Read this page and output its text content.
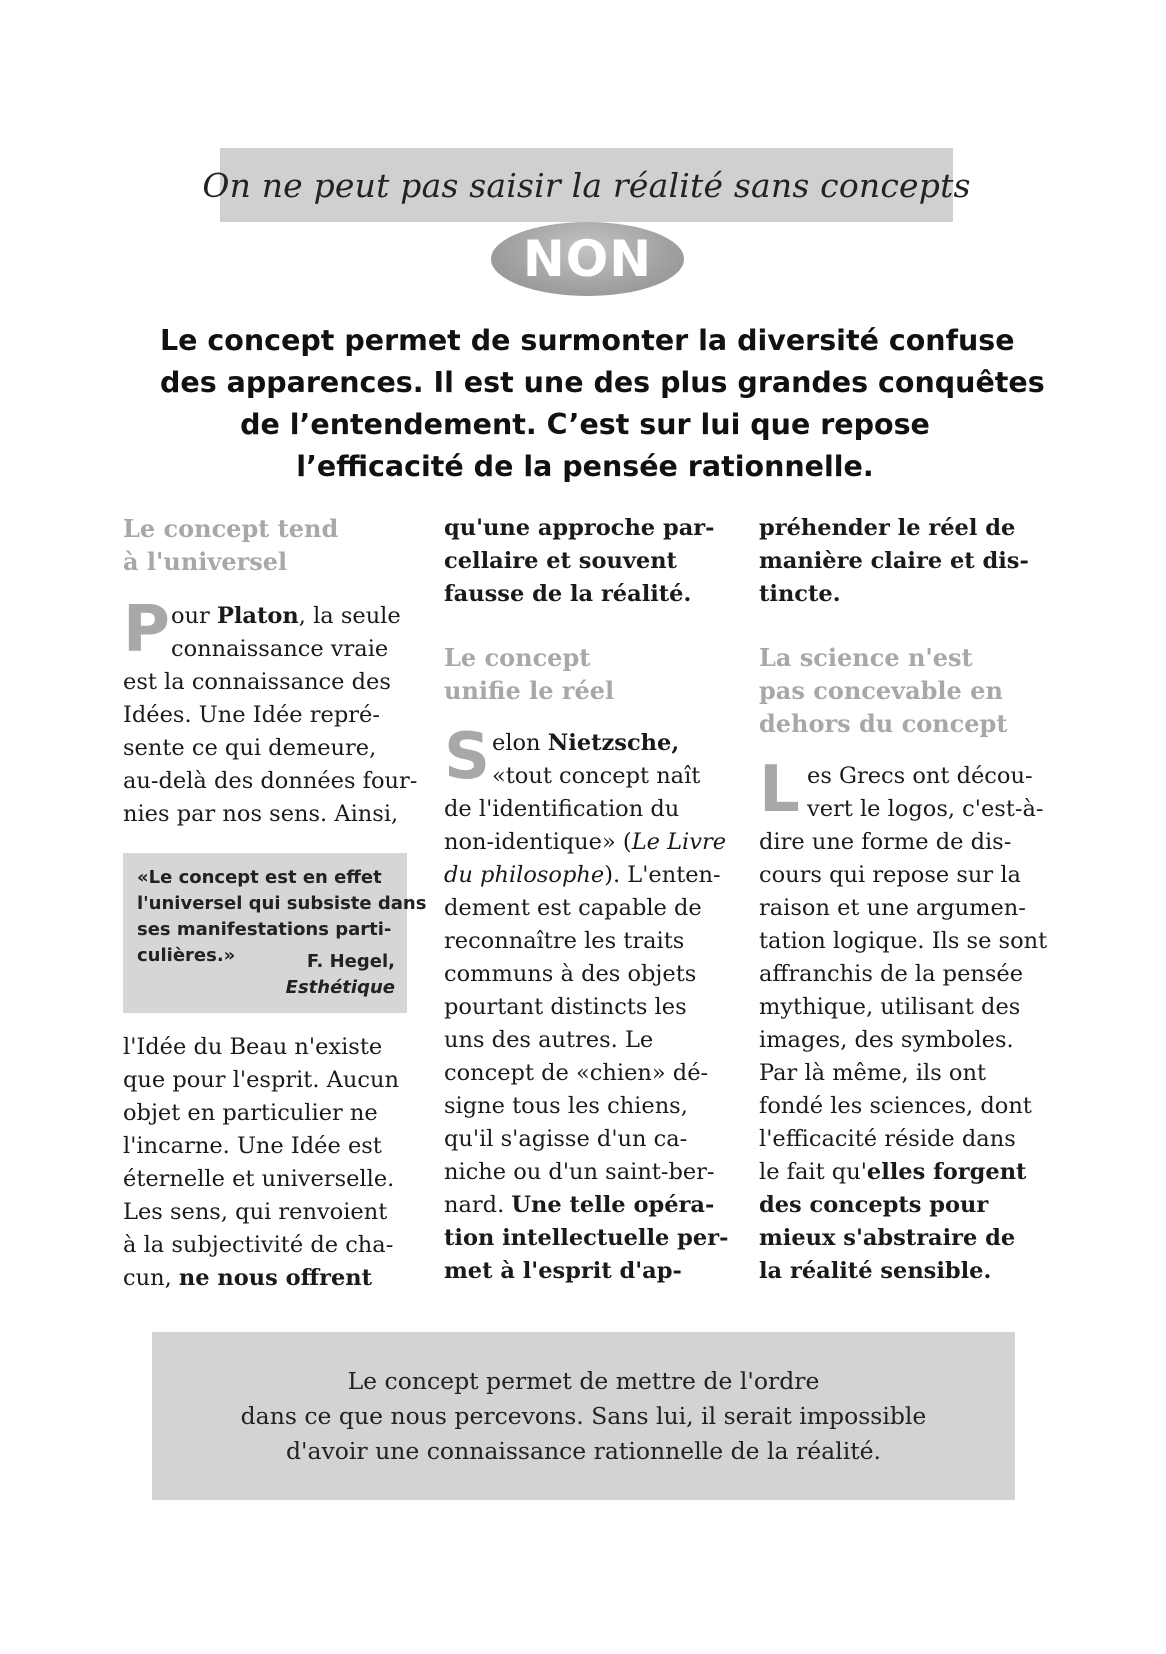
On ne peut pas saisir la réalité sans concepts
NON
Le concept permet de surmonter la diversité confuse
des apparences. Il est une des plus grandes conquêtes
de l’entendement. C’est sur lui que repose
l’efficacité de la pensée rationnelle.
Le concept tend
à l'universel
P our Platon, la seule
connaissance vraie
est la connaissance des
Idées. Une Idée repré-
sente ce qui demeure,
au-delà des données four-
nies par nos sens. Ainsi,
«Le concept est en effet
l'universel qui subsiste dans
ses manifestations parti-
culières.»	F. Hegel,
Esthétique
l'Idée du Beau n'existe
que pour l'esprit. Aucun
objet en particulier ne
l'incarne. Une Idée est
éternelle et universelle.
Les sens, qui renvoient
à la subjectivité de cha-
cun, ne nous offrent
qu'une approche par-
cellaire et souvent
fausse de la réalité.
Le concept
unifie le réel
S elon Nietzsche,
«tout concept naît
de l'identification du
non-identique» (Le Livre
du philosophe). L'enten-
dement est capable de
reconnaître les traits
communs à des objets
pourtant distincts les
uns des autres. Le
concept de «chien» dé-
signe tous les chiens,
qu'il s'agisse d'un ca-
niche ou d'un saint-ber-
nard. Une telle opéra-
tion intellectuelle per-
met à l'esprit d'ap-
préhender le réel de
manière claire et dis-
tincte.
La science n'est
pas concevable en
dehors du concept
L es Grecs ont décou-
vert le logos, c'est-à-
dire une forme de dis-
cours qui repose sur la
raison et une argumen-
tation logique. Ils se sont
affranchis de la pensée
mythique, utilisant des
images, des symboles.
Par là même, ils ont
fondé les sciences, dont
l'efficacité réside dans
le fait qu'elles forgent
des concepts pour
mieux s'abstraire de
la réalité sensible.
Le concept permet de mettre de l'ordre
dans ce que nous percevons. Sans lui, il serait impossible
d'avoir une connaissance rationnelle de la réalité.
